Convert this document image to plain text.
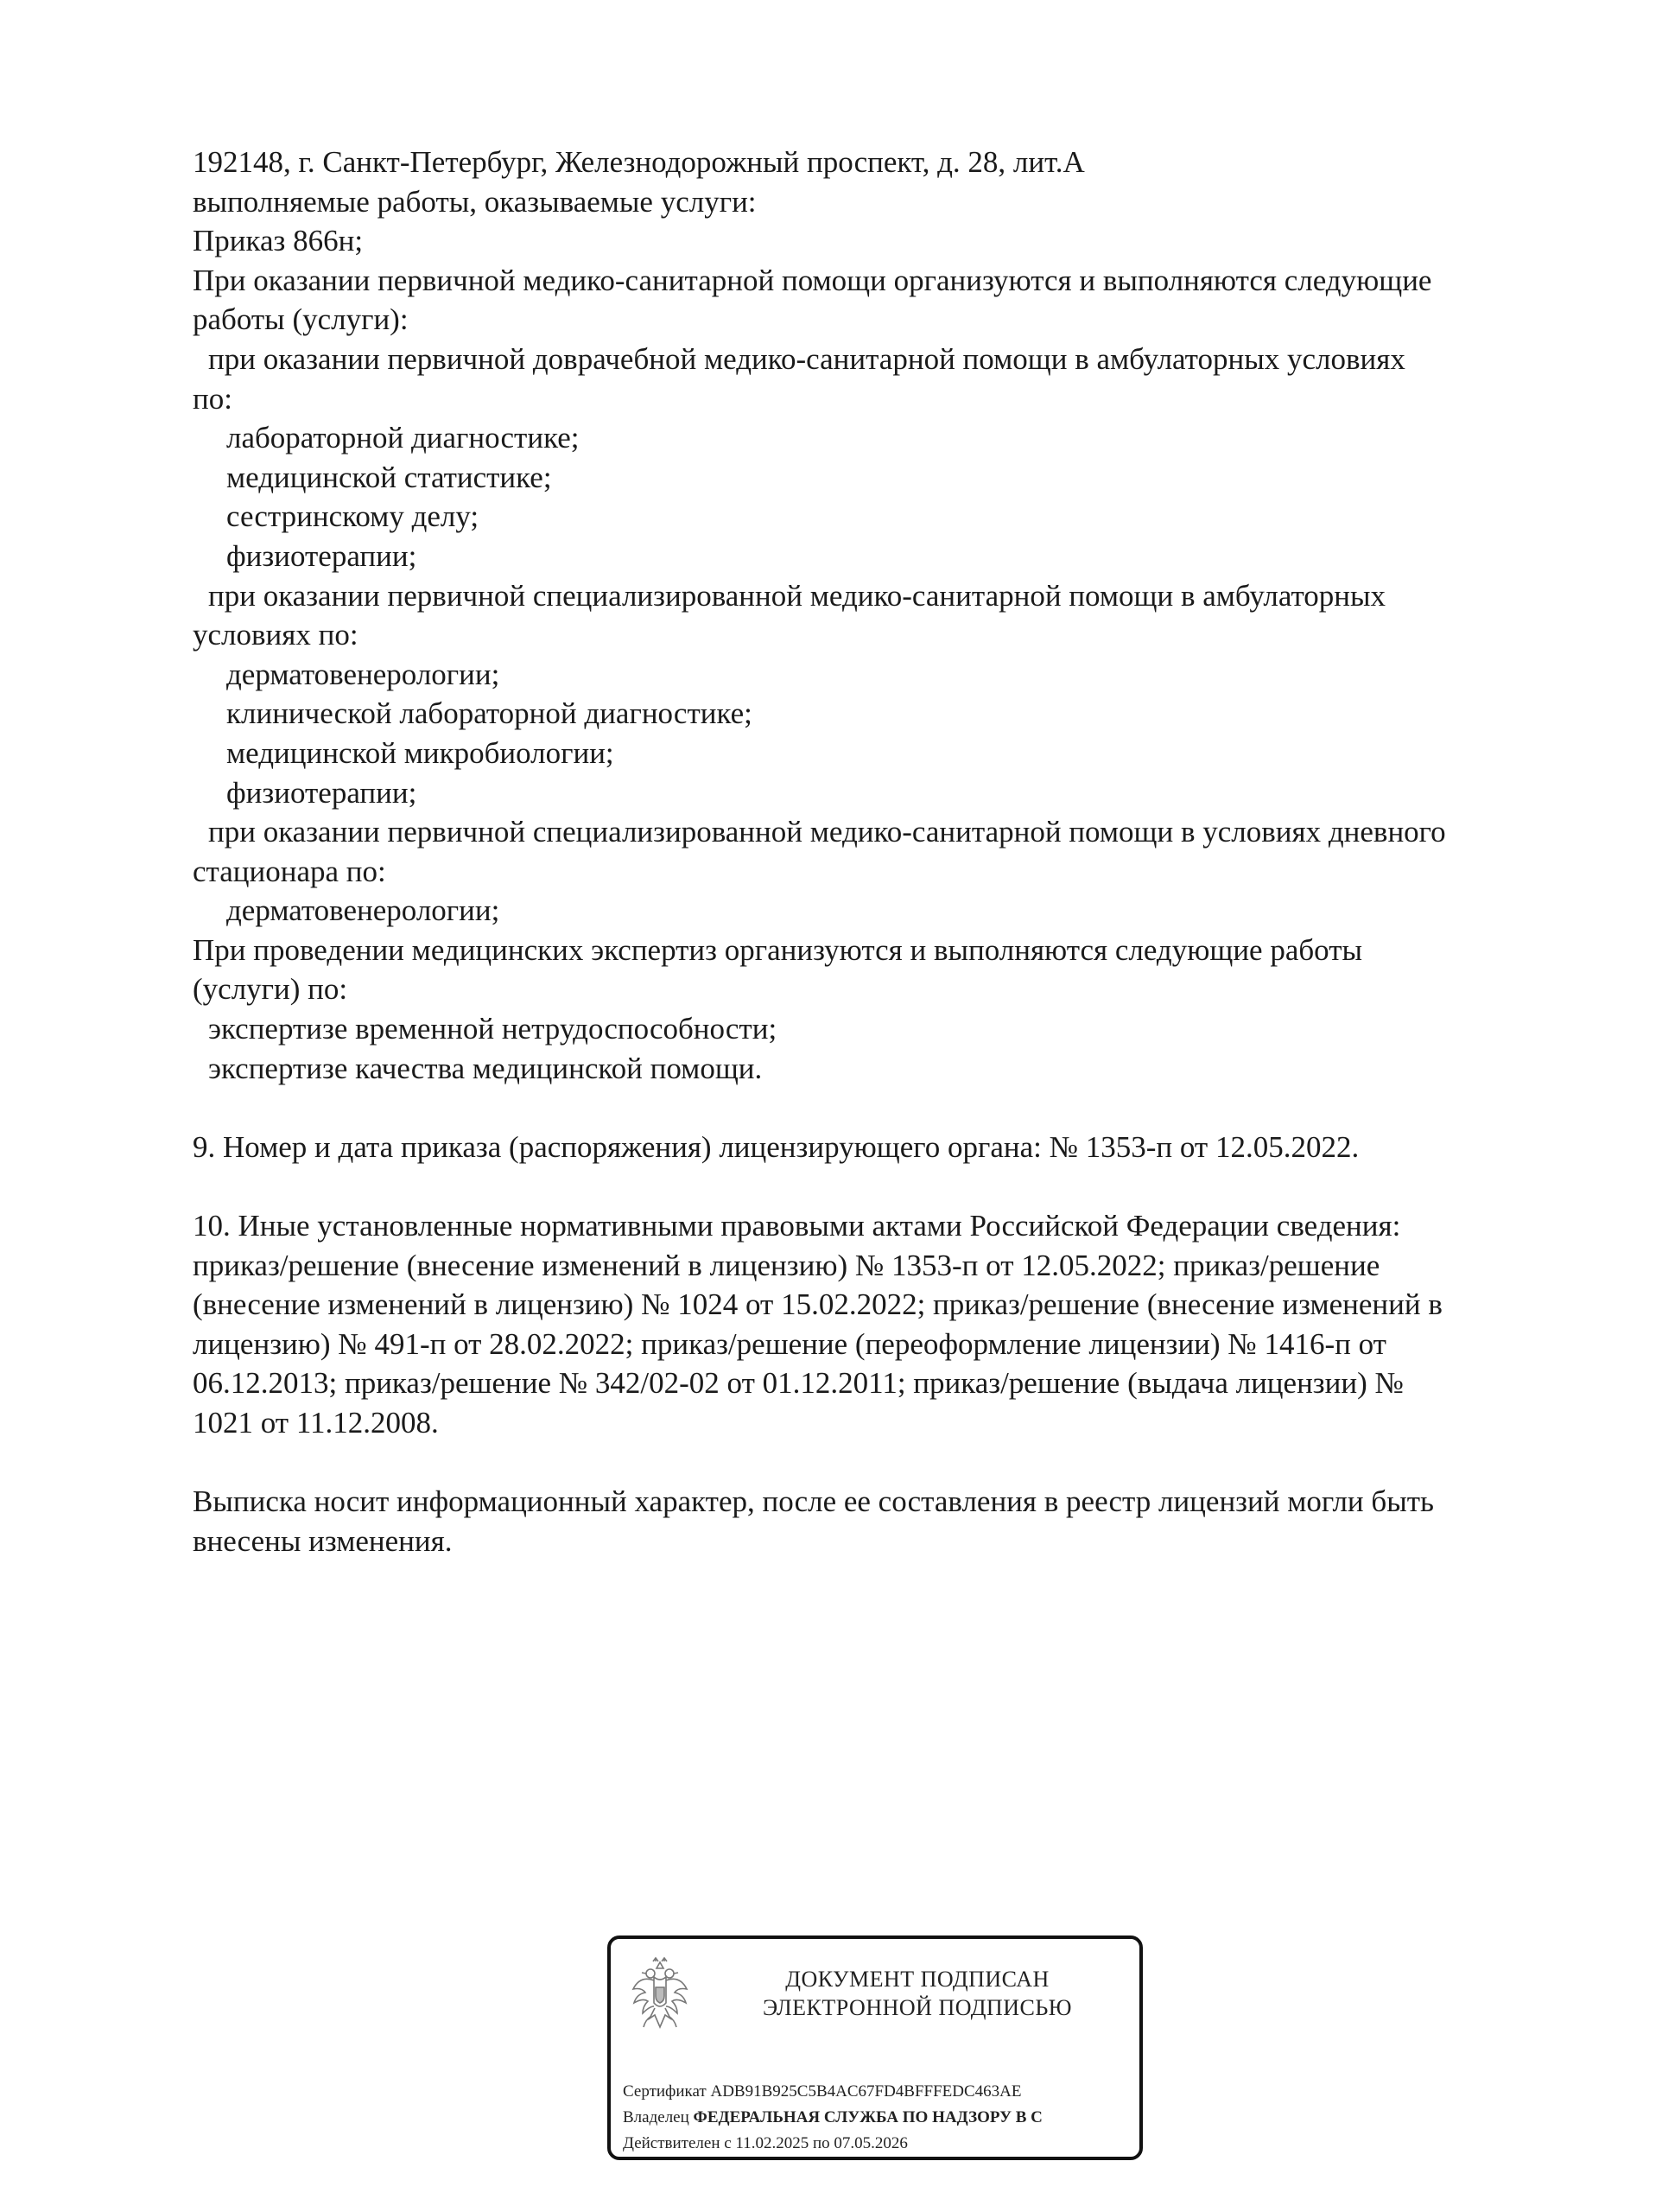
192148, г. Санкт-Петербург, Железнодорожный проспект, д. 28, лит.А
выполняемые работы, оказываемые услуги:
Приказ 866н;
При оказании первичной медико-санитарной помощи организуются и выполняются следующие
работы (услуги):
при оказании первичной доврачебной медико-санитарной помощи в амбулаторных условиях
по:
лабораторной диагностике;
медицинской статистике;
сестринскому делу;
физиотерапии;
при оказании первичной специализированной медико-санитарной помощи в амбулаторных
условиях по:
дерматовенерологии;
клинической лабораторной диагностике;
медицинской микробиологии;
физиотерапии;
при оказании первичной специализированной медико-санитарной помощи в условиях дневного
стационара по:
дерматовенерологии;
При проведении медицинских экспертиз организуются и выполняются следующие работы
(услуги) по:
экспертизе временной нетрудоспособности;
экспертизе качества медицинской помощи.
9. Номер и дата приказа (распоряжения) лицензирующего органа: № 1353-п от 12.05.2022.
10. Иные установленные нормативными правовыми актами Российской Федерации сведения:
приказ/решение (внесение изменений в лицензию) № 1353-п от 12.05.2022; приказ/решение
(внесение изменений в лицензию) № 1024 от 15.02.2022; приказ/решение (внесение изменений в
лицензию) № 491-п от 28.02.2022; приказ/решение (переоформление лицензии) № 1416-п от
06.12.2013; приказ/решение № 342/02-02 от 01.12.2011; приказ/решение (выдача лицензии) №
1021 от 11.12.2008.
Выписка носит информационный характер, после ее составления в реестр лицензий могли быть
внесены изменения.
ДОКУМЕНТ ПОДПИСАН
ЭЛЕКТРОННОЙ ПОДПИСЬЮ
Сертификат ADB91B925C5B4AC67FD4BFFFEDC463AE
Владелец ФЕДЕРАЛЬНАЯ СЛУЖБА ПО НАДЗОРУ В С
Действителен с 11.02.2025 по 07.05.2026
